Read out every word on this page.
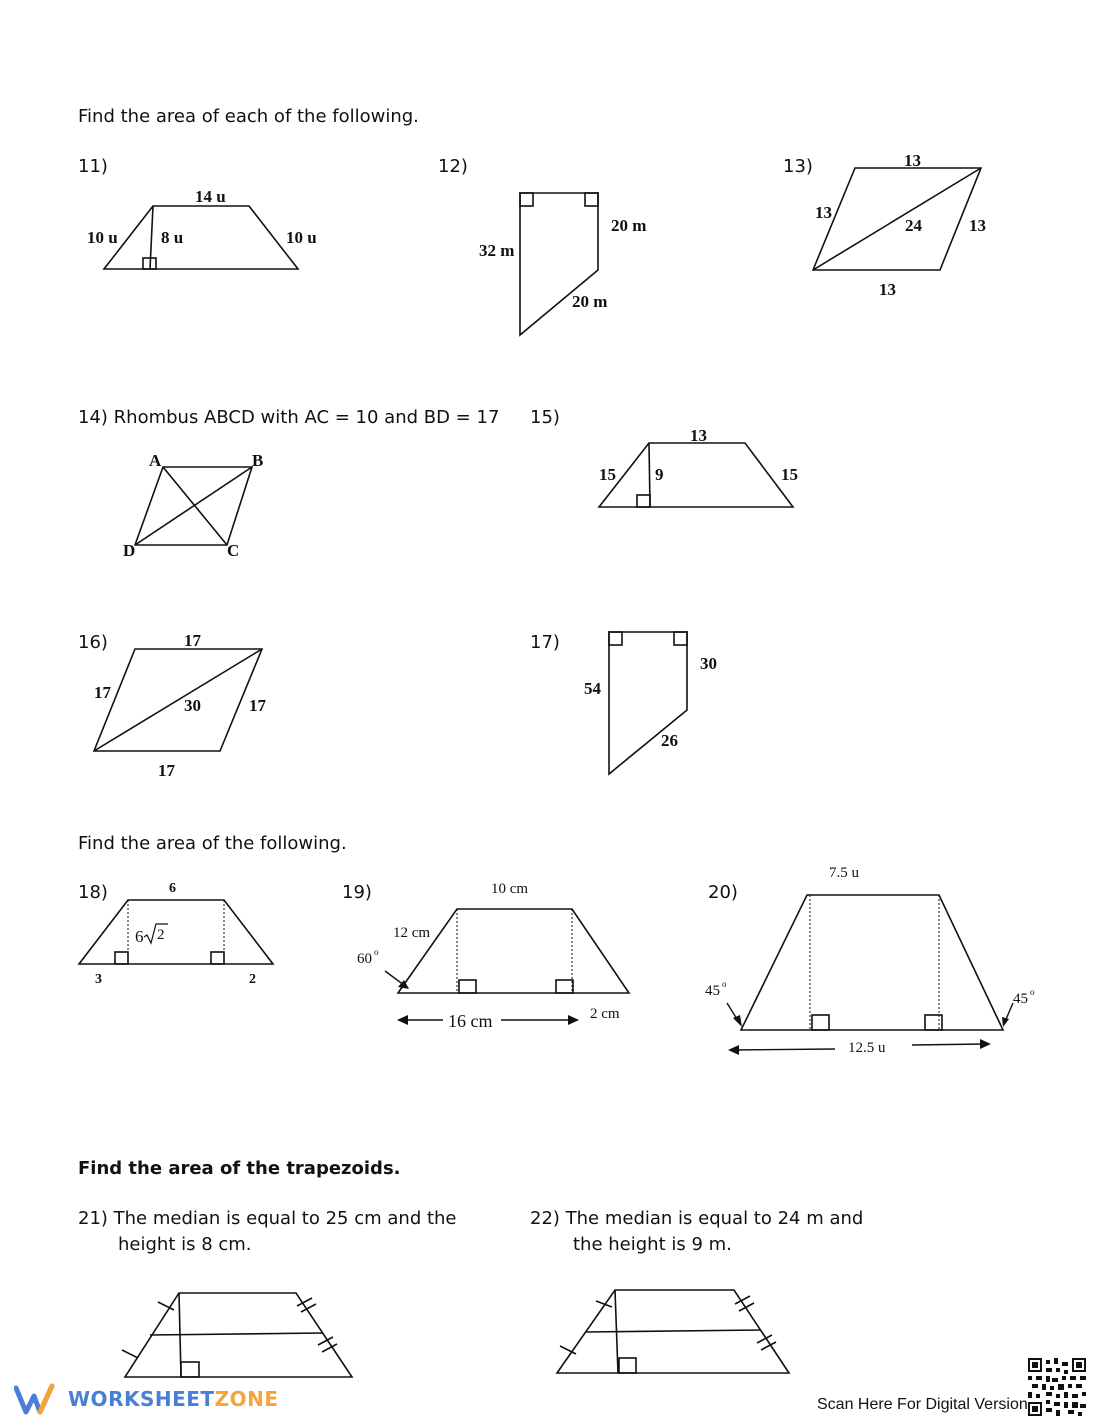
Find the area of each of the following.
Find the area of the following.
Find the area of the trapezoids.
11)	12)	13)
14) Rhombus ABCD with AC = 10 and BD = 17 15)
16)	17)
18)	19)	20)
21) The median is equal to 25 cm and the
height is 8 cm.
22) The median is equal to 24 m and
the height is 9 m.
14 u
10 u	8 u	10 u
20 m
32 m
20 m
13
13
24	13
13
A	B
D	C
13
15 9	15
17
17
30	17
17
30
54
26
6
6 2
3	2
10 cm
12 cm
60 o
16 cm	2 cm
7.5 u
45 o
45 o
12.5 u
WORKSHEETZONE	Scan Here For Digital Version
